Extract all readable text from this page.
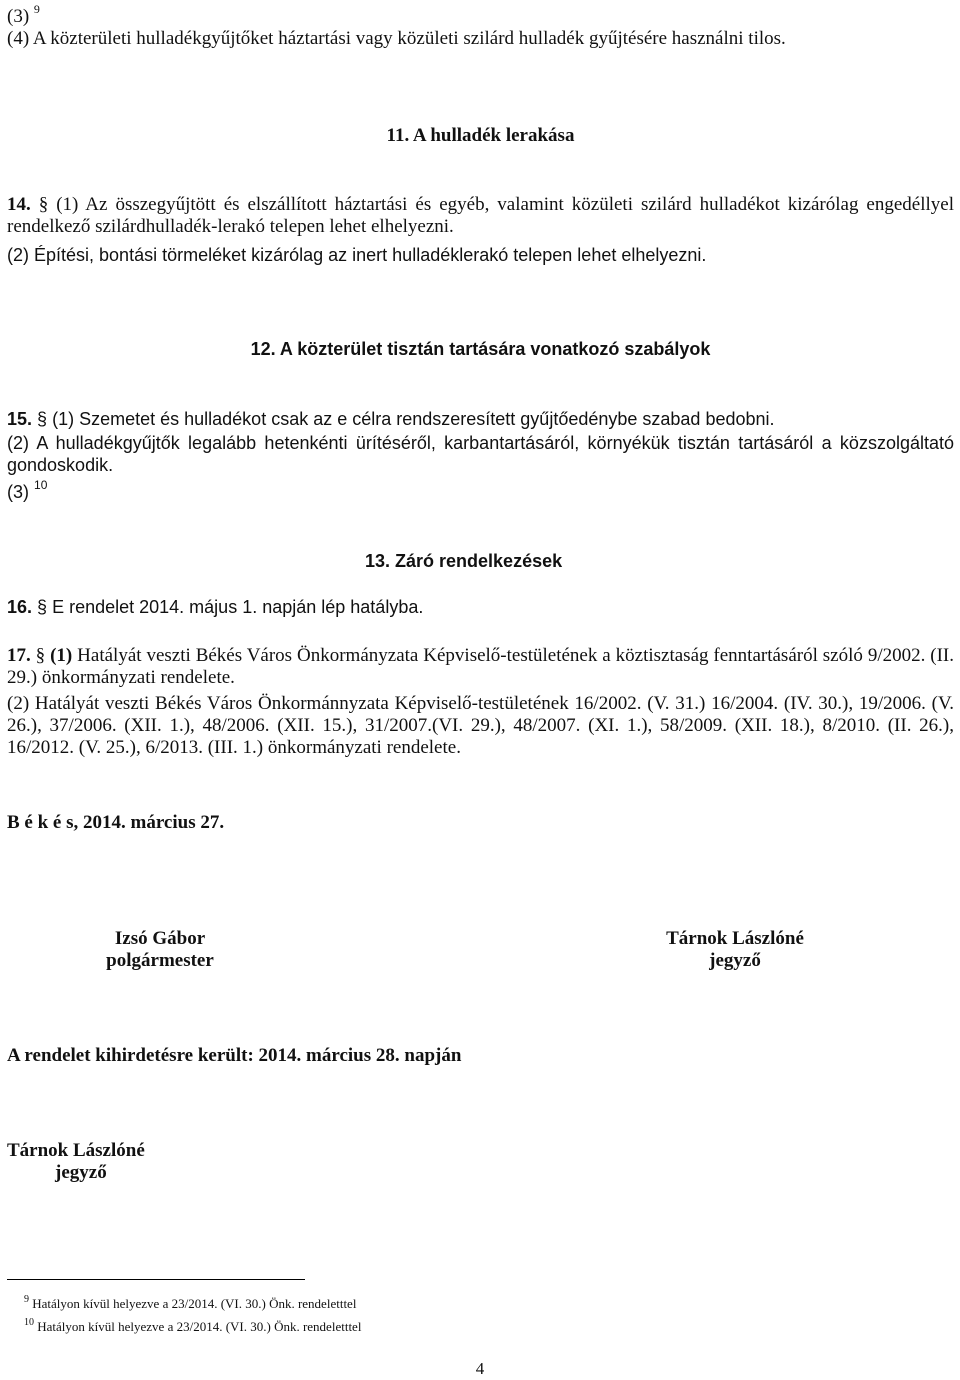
(3) $^9$

(4) A közterületi hulladékgyűjtőket háztartási vagy közületi szilárd hulladék gyűjtésére használni tilos.

11. A hulladék lerakása

14. § (1) Az összegyűjtött és elszállított háztartási és egyéb, valamint közületi szilárd hulladékot kizárólag engedéllyel rendelkező szilárdhulladék-lerakó telepen lehet elhelyezni.

(2) Építési, bontási törmeléket kizárólag az inert hulladéklerakó telepen lehet elhelyezni.

12. A közterület tisztán tartására vonatkozó szabályok

15. § (1) Szemetet és hulladékot csak az e célra rendszeresített gyűjtőedénybe szabad bedobni.

(2) A hulladékgyűjtők legalább hetenkénti ürítéséről, karbantartásáról, környékük tisztán tartásáról a közszolgáltató gondoskodik.

(3) $^{10}$

13. Záró rendelkezések

16. § E rendelet 2014. május 1. napján lép hatályba.

17. § (1) Hatályát veszti Békés Város Önkormányzata Képviselő-testületének a köztisztaság fenntartásáról szóló 9/2002. (II. 29.) önkormányzati rendelete.

(2) Hatályát veszti Békés Város Önkormánnyzata Képviselő-testületének 16/2002. (V. 31.) 16/2004. (IV. 30.), 19/2006. (V. 26.), 37/2006. (XII. 1.), 48/2006. (XII. 15.), 31/2007.(VI. 29.), 48/2007. (XI. 1.), 58/2009. (XII. 18.), 8/2010. (II. 26.), 16/2012. (V. 25.), 6/2013. (III. 1.) önkormányzati rendelete.

B é k é s, 2014. március 27.

Izsó Gábor
polgármester
Tárnok Lászlóné
jegyző

A rendelet kihirdetésre került: 2014. március 28. napján

Tárnok Lászlóné
jegyző
$^9$ Hatályon kívül helyezve a 23/2014. (VI. 30.) Önk. rendeletttel
$^{10}$ Hatályon kívül helyezve a 23/2014. (VI. 30.) Önk. rendeletttel
4
